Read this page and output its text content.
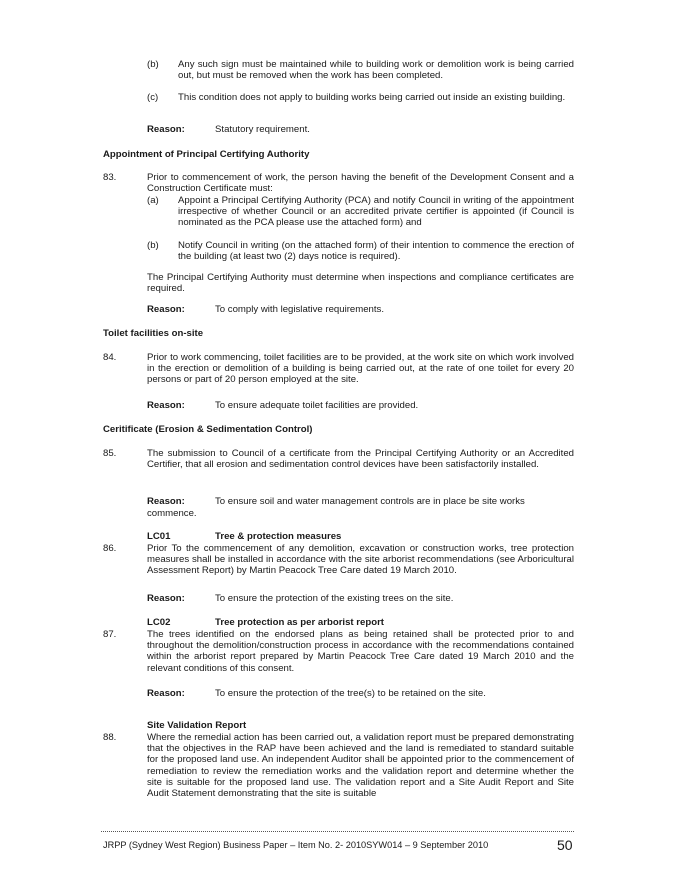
(b) Any such sign must be maintained while to building work or demolition work is being carried out, but must be removed when the work has been completed.

(c) This condition does not apply to building works being carried out inside an existing building.

Reason:	Statutory requirement.

Appointment of Principal Certifying Authority

83.	Prior to commencement of work, the person having the benefit of the Development Consent and a Construction Certificate must:

(a) Appoint a Principal Certifying Authority (PCA) and notify Council in writing of the appointment irrespective of whether Council or an accredited private certifier is appointed (if Council is nominated as the PCA please use the attached form) and

(b) Notify Council in writing (on the attached form) of their intention to commence the erection of the building (at least two (2) days notice is required).

The Principal Certifying Authority must determine when inspections and compliance certificates are required.

Reason:	To comply with legislative requirements.

Toilet facilities on-site

84.	Prior to work commencing, toilet facilities are to be provided, at the work site on which work involved in the erection or demolition of a building is being carried out, at the rate of one toilet for every 20 persons or part of 20 person employed at the site.

Reason:	To ensure adequate toilet facilities are provided.

Ceritificate (Erosion & Sedimentation Control)

85.	The submission to Council of a certificate from the Principal Certifying Authority or an Accredited Certifier, that all erosion and sedimentation control devices have been satisfactorily installed.

Reason:	To ensure soil and water management controls are in place be site works

commence.

LC01	Tree & protection measures

86.	Prior To the commencement of any demolition, excavation or construction works, tree protection measures shall be installed in accordance with the site arborist recommendations (see Arboricultural Assessment Report) by Martin Peacock Tree Care dated 19 March 2010.

Reason:	To ensure the protection of the existing trees on the site.

LC02	Tree protection as per arborist report

87.	The trees identified on the endorsed plans as being retained shall be protected prior to and throughout the demolition/construction process in accordance with the recommendations contained within the arborist report prepared by Martin Peacock Tree Care dated 19 March 2010 and the relevant conditions of this consent.

Reason:	To ensure the protection of the tree(s) to be retained on the site.

Site Validation Report

88.	Where the remedial action has been carried out, a validation report must be prepared demonstrating that the objectives in the RAP have been achieved and the land is remediated to standard suitable for the proposed land use. An independent Auditor shall be appointed prior to the commencement of remediation to review the remediation works and the validation report and determine whether the site is suitable for the proposed land use. The validation report and a Site Audit Report and Site Audit Statement demonstrating that the site is suitable

JRPP (Sydney West Region) Business Paper – Item No. 2- 2010SYW014 – 9 September 2010	50
